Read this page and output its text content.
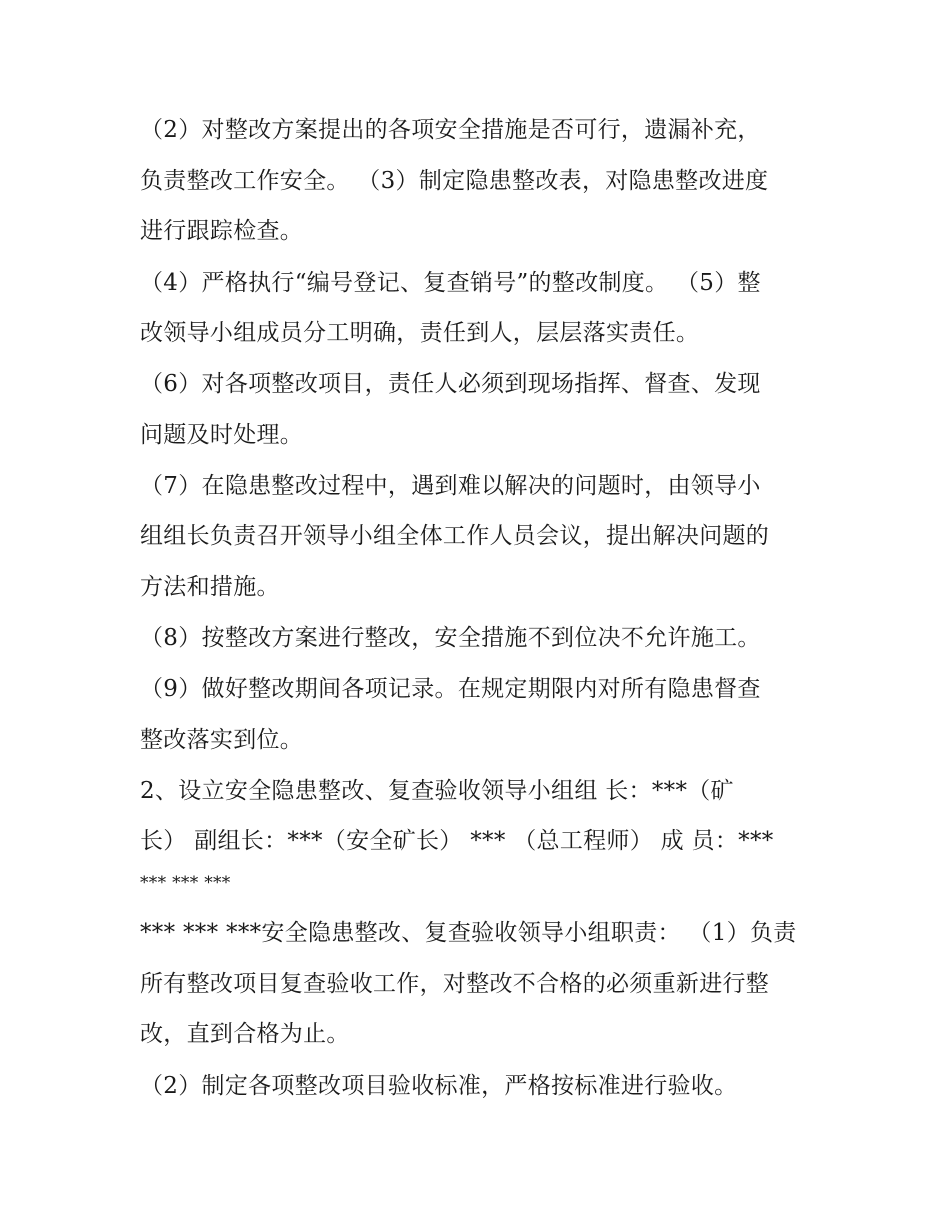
（2）对整改方案提出的各项安全措施是否可行，遗漏补充，
负责整改工作安全。 （3）制定隐患整改表，对隐患整改进度
进行跟踪检查。
（4）严格执行“编号登记、复查销号”的整改制度。 （5）整
改领导小组成员分工明确，责任到人，层层落实责任。
（6）对各项整改项目，责任人必须到现场指挥、督查、发现
问题及时处理。
（7）在隐患整改过程中，遇到难以解决的问题时，由领导小
组组长负责召开领导小组全体工作人员会议，提出解决问题的
方法和措施。
（8）按整改方案进行整改，安全措施不到位决不允许施工。
（9）做好整改期间各项记录。在规定期限内对所有隐患督查
整改落实到位。
2、设立安全隐患整改、复查验收领导小组组 长：***（矿
长） 副组长：***（安全矿长） *** （总工程师） 成 员：***
*** *** ***
*** *** ***安全隐患整改、复查验收领导小组职责： （1）负责
所有整改项目复查验收工作，对整改不合格的必须重新进行整
改，直到合格为止。
（2）制定各项整改项目验收标准，严格按标准进行验收。
